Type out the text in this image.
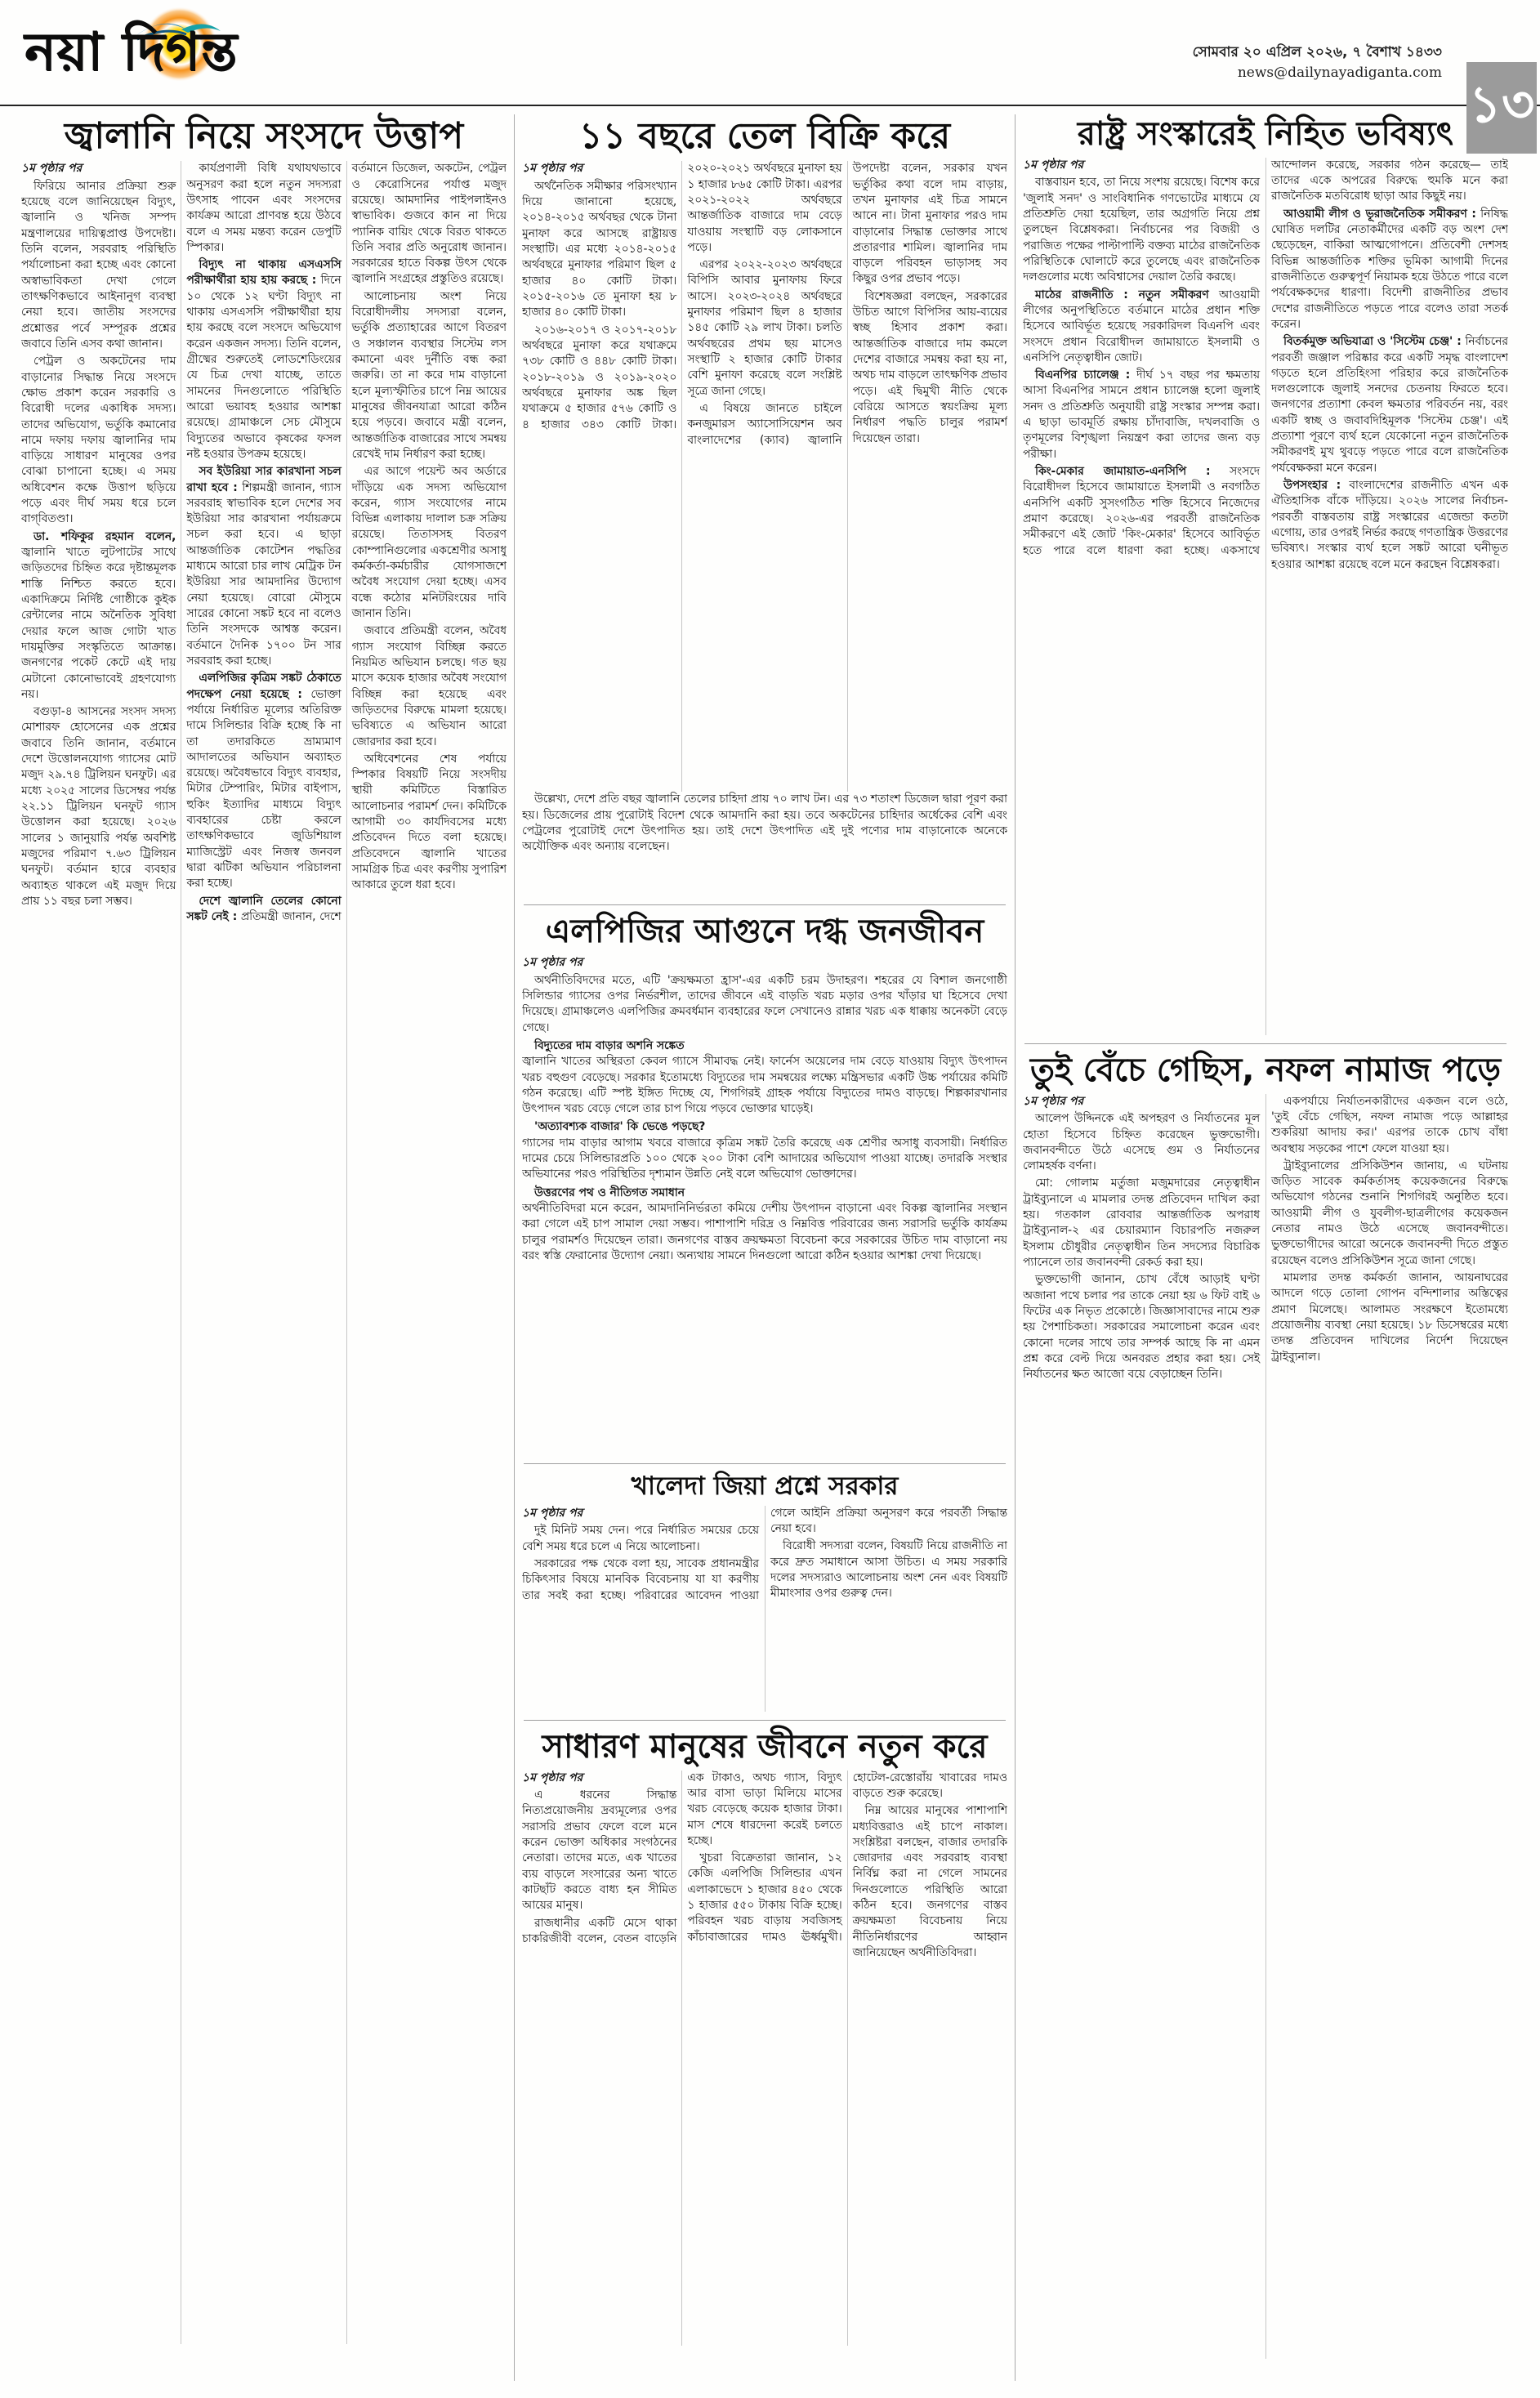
নয়া দিগন্ত	সোমবার ২০ এপ্রিল ২০২৬, ৭ বৈশাখ ১৪৩৩
news@dailynayadiganta.com
১৩
জ্বালানি নিয়ে সংসদে উত্তাপ

১ম পৃষ্ঠার পর

ফিরিয়ে আনার প্রক্রিয়া শুরু হয়েছে বলে জানিয়েছেন বিদ্যুৎ, জ্বালানি ও খনিজ সম্পদ মন্ত্রণালয়ের দায়িত্বপ্রাপ্ত উপদেষ্টা। তিনি বলেন, সরবরাহ পরিস্থিতি পর্যালোচনা করা হচ্ছে এবং কোনো অস্বাভাবিকতা দেখা গেলে তাৎক্ষণিকভাবে আইনানুগ ব্যবস্থা নেয়া হবে। জাতীয় সংসদের প্রশ্নোত্তর পর্বে সম্পূরক প্রশ্নের জবাবে তিনি এসব কথা জানান।

পেট্রল ও অকটেনের দাম বাড়ানোর সিদ্ধান্ত নিয়ে সংসদে ক্ষোভ প্রকাশ করেন সরকারি ও বিরোধী দলের একাধিক সদস্য। তাদের অভিযোগ, ভর্তুকি কমানোর নামে দফায় দফায় জ্বালানির দাম বাড়িয়ে সাধারণ মানুষের ওপর বোঝা চাপানো হচ্ছে। এ সময় অধিবেশন কক্ষে উত্তাপ ছড়িয়ে পড়ে এবং দীর্ঘ সময় ধরে চলে বাগ্‌বিতণ্ডা।

ডা. শফিকুর রহমান বলেন, জ্বালানি খাতে লুটপাটের সাথে জড়িতদের চিহ্নিত করে দৃষ্টান্তমূলক শাস্তি নিশ্চিত করতে হবে। একাদিক্রমে নির্দিষ্ট গোষ্ঠীকে কুইক রেন্টালের নামে অনৈতিক সুবিধা দেয়ার ফলে আজ গোটা খাত দায়মুক্তির সংস্কৃতিতে আক্রান্ত। জনগণের পকেট কেটে এই দায় মেটানো কোনোভাবেই গ্রহণযোগ্য নয়।

বগুড়া-৪ আসনের সংসদ সদস্য মোশারফ হোসেনের এক প্রশ্নের জবাবে তিনি জানান, বর্তমানে দেশে উত্তোলনযোগ্য গ্যাসের মোট মজুদ ২৯.৭৪ ট্রিলিয়ন ঘনফুট। এর মধ্যে ২০২৫ সালের ডিসেম্বর পর্যন্ত ২২.১১ ট্রিলিয়ন ঘনফুট গ্যাস উত্তোলন করা হয়েছে। ২০২৬ সালের ১ জানুয়ারি পর্যন্ত অবশিষ্ট মজুদের পরিমাণ ৭.৬৩ ট্রিলিয়ন ঘনফুট। বর্তমান হারে ব্যবহার অব্যাহত থাকলে এই মজুদ দিয়ে প্রায় ১১ বছর চলা সম্ভব।

কার্যপ্রণালী বিধি যথাযথভাবে অনুসরণ করা হলে নতুন সদস্যরা উৎসাহ পাবেন এবং সংসদের কার্যক্রম আরো প্রাণবন্ত হয়ে উঠবে বলে এ সময় মন্তব্য করেন ডেপুটি স্পিকার।

বিদ্যুৎ না থাকায় এসএসসি পরীক্ষার্থীরা হায় হায় করছে : দিনে ১০ থেকে ১২ ঘণ্টা বিদ্যুৎ না থাকায় এসএসসি পরীক্ষার্থীরা হায় হায় করছে বলে সংসদে অভিযোগ করেন একজন সদস্য। তিনি বলেন, গ্রীষ্মের শুরুতেই লোডশেডিংয়ের যে চিত্র দেখা যাচ্ছে, তাতে সামনের দিনগুলোতে পরিস্থিতি আরো ভয়াবহ হওয়ার আশঙ্কা রয়েছে। গ্রামাঞ্চলে সেচ মৌসুমে বিদ্যুতের অভাবে কৃষকের ফসল নষ্ট হওয়ার উপক্রম হয়েছে।

সব ইউরিয়া সার কারখানা সচল রাখা হবে : শিল্পমন্ত্রী জানান, গ্যাস সরবরাহ স্বাভাবিক হলে দেশের সব ইউরিয়া সার কারখানা পর্যায়ক্রমে সচল করা হবে। এ ছাড়া আন্তর্জাতিক কোটেশন পদ্ধতির মাধ্যমে আরো চার লাখ মেট্রিক টন ইউরিয়া সার আমদানির উদ্যোগ নেয়া হয়েছে। বোরো মৌসুমে সারের কোনো সঙ্কট হবে না বলেও তিনি সংসদকে আশ্বস্ত করেন। বর্তমানে দৈনিক ১৭০০ টন সার সরবরাহ করা হচ্ছে।

এলপিজির কৃত্রিম সঙ্কট ঠেকাতে পদক্ষেপ নেয়া হয়েছে : ভোক্তা পর্যায়ে নির্ধারিত মূল্যের অতিরিক্ত দামে সিলিন্ডার বিক্রি হচ্ছে কি না তা তদারকিতে ভ্রাম্যমাণ আদালতের অভিযান অব্যাহত রয়েছে। অবৈধভাবে বিদ্যুৎ ব্যবহার, মিটার টেম্পারিং, মিটার বাইপাস, হুকিং ইত্যাদির মাধ্যমে বিদ্যুৎ ব্যবহারের চেষ্টা করলে তাৎক্ষণিকভাবে জুডিশিয়াল ম্যাজিস্ট্রেট এবং নিজস্ব জনবল দ্বারা ঝটিকা অভিযান পরিচালনা করা হচ্ছে।

দেশে জ্বালানি তেলের কোনো সঙ্কট নেই : প্রতিমন্ত্রী জানান, দেশে বর্তমানে ডিজেল, অকটেন, পেট্রল ও কেরোসিনের পর্যাপ্ত মজুদ রয়েছে। আমদানির পাইপলাইনও স্বাভাবিক। গুজবে কান না দিয়ে প্যানিক বায়িং থেকে বিরত থাকতে তিনি সবার প্রতি অনুরোধ জানান। সরকারের হাতে বিকল্প উৎস থেকে জ্বালানি সংগ্রহের প্রস্তুতিও রয়েছে।

আলোচনায় অংশ নিয়ে বিরোধীদলীয় সদস্যরা বলেন, ভর্তুকি প্রত্যাহারের আগে বিতরণ ও সঞ্চালন ব্যবস্থার সিস্টেম লস কমানো এবং দুর্নীতি বন্ধ করা জরুরি। তা না করে দাম বাড়ানো হলে মূল্যস্ফীতির চাপে নিম্ন আয়ের মানুষের জীবনযাত্রা আরো কঠিন হয়ে পড়বে। জবাবে মন্ত্রী বলেন, আন্তর্জাতিক বাজারের সাথে সমন্বয় রেখেই দাম নির্ধারণ করা হচ্ছে।

এর আগে পয়েন্ট অব অর্ডারে দাঁড়িয়ে এক সদস্য অভিযোগ করেন, গ্যাস সংযোগের নামে বিভিন্ন এলাকায় দালাল চক্র সক্রিয় রয়েছে। তিতাসসহ বিতরণ কোম্পানিগুলোর একশ্রেণীর অসাধু কর্মকর্তা-কর্মচারীর যোগসাজশে অবৈধ সংযোগ দেয়া হচ্ছে। এসব বন্ধে কঠোর মনিটরিংয়ের দাবি জানান তিনি।

জবাবে প্রতিমন্ত্রী বলেন, অবৈধ গ্যাস সংযোগ বিচ্ছিন্ন করতে নিয়মিত অভিযান চলছে। গত ছয় মাসে কয়েক হাজার অবৈধ সংযোগ বিচ্ছিন্ন করা হয়েছে এবং জড়িতদের বিরুদ্ধে মামলা হয়েছে। ভবিষ্যতে এ অভিযান আরো জোরদার করা হবে।

অধিবেশনের শেষ পর্যায়ে স্পিকার বিষয়টি নিয়ে সংসদীয় স্থায়ী কমিটিতে বিস্তারিত আলোচনার পরামর্শ দেন। কমিটিকে আগামী ৩০ কার্যদিবসের মধ্যে প্রতিবেদন দিতে বলা হয়েছে। প্রতিবেদনে জ্বালানি খাতের সামগ্রিক চিত্র এবং করণীয় সুপারিশ আকারে তুলে ধরা হবে।

১১ বছরে তেল বিক্রি করে

১ম পৃষ্ঠার পর

অর্থনৈতিক সমীক্ষার পরিসংখ্যান দিয়ে জানানো হয়েছে, ২০১৪-২০১৫ অর্থবছর থেকে টানা মুনাফা করে আসছে রাষ্ট্রায়ত্ত সংস্থাটি। এর মধ্যে ২০১৪-২০১৫ অর্থবছরে মুনাফার পরিমাণ ছিল ৫ হাজার ৪০ কোটি টাকা। ২০১৫-২০১৬ তে মুনাফা হয় ৮ হাজার ৪০ কোটি টাকা।

২০১৬-২০১৭ ও ২০১৭-২০১৮ অর্থবছরে মুনাফা করে যথাক্রমে ৭৩৮ কোটি ও ৪৪৮ কোটি টাকা। ২০১৮-২০১৯ ও ২০১৯-২০২০ অর্থবছরে মুনাফার অঙ্ক ছিল যথাক্রমে ৫ হাজার ৫৭৬ কোটি ও ৪ হাজার ৩৪৩ কোটি টাকা। ২০২০-২০২১ অর্থবছরে মুনাফা হয় ১ হাজার ৮৬৫ কোটি টাকা। এরপর ২০২১-২০২২ অর্থবছরে আন্তর্জাতিক বাজারে দাম বেড়ে যাওয়ায় সংস্থাটি বড় লোকসানে পড়ে।

এরপর ২০২২-২০২৩ অর্থবছরে বিপিসি আবার মুনাফায় ফিরে আসে। ২০২৩-২০২৪ অর্থবছরে মুনাফার পরিমাণ ছিল ৪ হাজার ১৪৫ কোটি ২৯ লাখ টাকা। চলতি অর্থবছরের প্রথম ছয় মাসেও সংস্থাটি ২ হাজার কোটি টাকার বেশি মুনাফা করেছে বলে সংশ্লিষ্ট সূত্রে জানা গেছে।

এ বিষয়ে জানতে চাইলে কনজুমারস অ্যাসোসিয়েশন অব বাংলাদেশের (ক্যাব) জ্বালানি উপদেষ্টা বলেন, সরকার যখন ভর্তুকির কথা বলে দাম বাড়ায়, তখন মুনাফার এই চিত্র সামনে আনে না। টানা মুনাফার পরও দাম বাড়ানোর সিদ্ধান্ত ভোক্তার সাথে প্রতারণার শামিল। জ্বালানির দাম বাড়লে পরিবহন ভাড়াসহ সব কিছুর ওপর প্রভাব পড়ে।

বিশেষজ্ঞরা বলছেন, সরকারের উচিত আগে বিপিসির আয়-ব্যয়ের স্বচ্ছ হিসাব প্রকাশ করা। আন্তর্জাতিক বাজারে দাম কমলে দেশের বাজারে সমন্বয় করা হয় না, অথচ দাম বাড়লে তাৎক্ষণিক প্রভাব পড়ে। এই দ্বিমুখী নীতি থেকে বেরিয়ে আসতে স্বয়ংক্রিয় মূল্য নির্ধারণ পদ্ধতি চালুর পরামর্শ দিয়েছেন তারা।

উল্লেখ্য, দেশে প্রতি বছর জ্বালানি তেলের চাহিদা প্রায় ৭০ লাখ টন। এর ৭৩ শতাংশ ডিজেল দ্বারা পূরণ করা হয়। ডিজেলের প্রায় পুরোটাই বিদেশ থেকে আমদানি করা হয়। তবে অকটেনের চাহিদার অর্ধেকের বেশি এবং পেট্রলের পুরোটাই দেশে উৎপাদিত হয়। তাই দেশে উৎপাদিত এই দুই পণ্যের দাম বাড়ানোকে অনেকে অযৌক্তিক এবং অন্যায় বলেছেন।

এলপিজির আগুনে দগ্ধ জনজীবন

১ম পৃষ্ঠার পর

অর্থনীতিবিদদের মতে, এটি 'ক্রয়ক্ষমতা হ্রাস'-এর একটি চরম উদাহরণ। শহরের যে বিশাল জনগোষ্ঠী সিলিন্ডার গ্যাসের ওপর নির্ভরশীল, তাদের জীবনে এই বাড়তি খরচ মড়ার ওপর খাঁড়ার ঘা হিসেবে দেখা দিয়েছে। গ্রামাঞ্চলেও এলপিজির ক্রমবর্ধমান ব্যবহারের ফলে সেখানেও রান্নার খরচ এক ধাক্কায় অনেকটা বেড়ে গেছে।

বিদ্যুতের দাম বাড়ার অশনি সঙ্কেত
জ্বালানি খাতের অস্থিরতা কেবল গ্যাসে সীমাবদ্ধ নেই। ফার্নেস অয়েলের দাম বেড়ে যাওয়ায় বিদ্যুৎ উৎপাদন খরচ বহুগুণ বেড়েছে। সরকার ইতোমধ্যে বিদ্যুতের দাম সমন্বয়ের লক্ষ্যে মন্ত্রিসভার একটি উচ্চ পর্যায়ের কমিটি গঠন করেছে। এটি স্পষ্ট ইঙ্গিত দিচ্ছে যে, শিগগিরই গ্রাহক পর্যায়ে বিদ্যুতের দামও বাড়ছে। শিল্পকারখানার উৎপাদন খরচ বেড়ে গেলে তার চাপ গিয়ে পড়বে ভোক্তার ঘাড়েই।

'অত্যাবশ্যক বাজার' কি ভেঙে পড়ছে?
গ্যাসের দাম বাড়ার আগাম খবরে বাজারে কৃত্রিম সঙ্কট তৈরি করেছে এক শ্রেণীর অসাধু ব্যবসায়ী। নির্ধারিত দামের চেয়ে সিলিন্ডারপ্রতি ১০০ থেকে ২০০ টাকা বেশি আদায়ের অভিযোগ পাওয়া যাচ্ছে। তদারকি সংস্থার অভিযানের পরও পরিস্থিতির দৃশ্যমান উন্নতি নেই বলে অভিযোগ ভোক্তাদের।

উত্তরণের পথ ও নীতিগত সমাধান
অর্থনীতিবিদরা মনে করেন, আমদানিনির্ভরতা কমিয়ে দেশীয় উৎপাদন বাড়ানো এবং বিকল্প জ্বালানির সংস্থান করা গেলে এই চাপ সামাল দেয়া সম্ভব। পাশাপাশি দরিদ্র ও নিম্নবিত্ত পরিবারের জন্য সরাসরি ভর্তুকি কার্যক্রম চালুর পরামর্শও দিয়েছেন তারা। জনগণের বাস্তব ক্রয়ক্ষমতা বিবেচনা করে সরকারের উচিত দাম বাড়ানো নয় বরং স্বস্তি ফেরানোর উদ্যোগ নেয়া। অন্যথায় সামনে দিনগুলো আরো কঠিন হওয়ার আশঙ্কা দেখা দিয়েছে।

খালেদা জিয়া প্রশ্নে সরকার

১ম পৃষ্ঠার পর

দুই মিনিট সময় দেন। পরে নির্ধারিত সময়ের চেয়ে বেশি সময় ধরে চলে এ নিয়ে আলোচনা।

সরকারের পক্ষ থেকে বলা হয়, সাবেক প্রধানমন্ত্রীর চিকিৎসার বিষয়ে মানবিক বিবেচনায় যা যা করণীয় তার সবই করা হচ্ছে। পরিবারের আবেদন পাওয়া গেলে আইনি প্রক্রিয়া অনুসরণ করে পরবর্তী সিদ্ধান্ত নেয়া হবে।

বিরোধী সদস্যরা বলেন, বিষয়টি নিয়ে রাজনীতি না করে দ্রুত সমাধানে আসা উচিত। এ সময় সরকারি দলের সদস্যরাও আলোচনায় অংশ নেন এবং বিষয়টি মীমাংসার ওপর গুরুত্ব দেন।

সাধারণ মানুষের জীবনে নতুন করে

১ম পৃষ্ঠার পর

এ ধরনের সিদ্ধান্ত নিত্যপ্রয়োজনীয় দ্রব্যমূল্যের ওপর সরাসরি প্রভাব ফেলে বলে মনে করেন ভোক্তা অধিকার সংগঠনের নেতারা। তাদের মতে, এক খাতের ব্যয় বাড়লে সংসারের অন্য খাতে কাটছাঁট করতে বাধ্য হন সীমিত আয়ের মানুষ।

রাজধানীর একটি মেসে থাকা চাকরিজীবী বলেন, বেতন বাড়েনি এক টাকাও, অথচ গ্যাস, বিদ্যুৎ আর বাসা ভাড়া মিলিয়ে মাসের খরচ বেড়েছে কয়েক হাজার টাকা। মাস শেষে ধারদেনা করেই চলতে হচ্ছে।

খুচরা বিক্রেতারা জানান, ১২ কেজি এলপিজি সিলিন্ডার এখন এলাকাভেদে ১ হাজার ৪৫০ থেকে ১ হাজার ৫৫০ টাকায় বিক্রি হচ্ছে। পরিবহন খরচ বাড়ায় সবজিসহ কাঁচাবাজারের দামও ঊর্ধ্বমুখী। হোটেল-রেস্তোরাঁয় খাবারের দামও বাড়তে শুরু করেছে।

নিম্ন আয়ের মানুষের পাশাপাশি মধ্যবিত্তরাও এই চাপে নাকাল। সংশ্লিষ্টরা বলছেন, বাজার তদারকি জোরদার এবং সরবরাহ ব্যবস্থা নির্বিঘ্ন করা না গেলে সামনের দিনগুলোতে পরিস্থিতি আরো কঠিন হবে। জনগণের বাস্তব ক্রয়ক্ষমতা বিবেচনায় নিয়ে নীতিনির্ধারণের আহ্বান জানিয়েছেন অর্থনীতিবিদরা।

রাষ্ট্র সংস্কারেই নিহিত ভবিষ্যৎ

১ম পৃষ্ঠার পর

বাস্তবায়ন হবে, তা নিয়ে সংশয় রয়েছে। বিশেষ করে 'জুলাই সনদ' ও সাংবিধানিক গণভোটের মাধ্যমে যে প্রতিশ্রুতি দেয়া হয়েছিল, তার অগ্রগতি নিয়ে প্রশ্ন তুলছেন বিশ্লেষকরা। নির্বাচনের পর বিজয়ী ও পরাজিত পক্ষের পাল্টাপাল্টি বক্তব্য মাঠের রাজনৈতিক পরিস্থিতিকে ঘোলাটে করে তুলেছে এবং রাজনৈতিক দলগুলোর মধ্যে অবিশ্বাসের দেয়াল তৈরি করছে।

মাঠের রাজনীতি : নতুন সমীকরণ আওয়ামী লীগের অনুপস্থিতিতে বর্তমানে মাঠের প্রধান শক্তি হিসেবে আবির্ভূত হয়েছে সরকারিদল বিএনপি এবং সংসদে প্রধান বিরোধীদল জামায়াতে ইসলামী ও এনসিপি নেতৃত্বাধীন জোট।

বিএনপির চ্যালেঞ্জ : দীর্ঘ ১৭ বছর পর ক্ষমতায় আসা বিএনপির সামনে প্রধান চ্যালেঞ্জ হলো জুলাই সনদ ও প্রতিশ্রুতি অনুযায়ী রাষ্ট্র সংস্কার সম্পন্ন করা। এ ছাড়া ভাবমূর্তি রক্ষায় চাঁদাবাজি, দখলবাজি ও তৃণমূলের বিশৃঙ্খলা নিয়ন্ত্রণ করা তাদের জন্য বড় পরীক্ষা।

কিং-মেকার জামায়াত-এনসিপি : সংসদে বিরোধীদল হিসেবে জামায়াতে ইসলামী ও নবগঠিত এনসিপি একটি সুসংগঠিত শক্তি হিসেবে নিজেদের প্রমাণ করেছে। ২০২৬-এর পরবর্তী রাজনৈতিক সমীকরণে এই জোট 'কিং-মেকার' হিসেবে আবির্ভূত হতে পারে বলে ধারণা করা হচ্ছে। একসাথে আন্দোলন করেছে, সরকার গঠন করেছে— তাই তাদের একে অপরের বিরুদ্ধে হুমকি মনে করা রাজনৈতিক মতবিরোধ ছাড়া আর কিছুই নয়।

আওয়ামী লীগ ও ভূরাজনৈতিক সমীকরণ : নিষিদ্ধ ঘোষিত দলটির নেতাকর্মীদের একটি বড় অংশ দেশ ছেড়েছেন, বাকিরা আত্মগোপনে। প্রতিবেশী দেশসহ বিভিন্ন আন্তর্জাতিক শক্তির ভূমিকা আগামী দিনের রাজনীতিতে গুরুত্বপূর্ণ নিয়ামক হয়ে উঠতে পারে বলে পর্যবেক্ষকদের ধারণা। বিদেশী রাজনীতির প্রভাব দেশের রাজনীতিতে পড়তে পারে বলেও তারা সতর্ক করেন।

বিতর্কমুক্ত অভিযাত্রা ও 'সিস্টেম চেঞ্জ' : নির্বাচনের পরবর্তী জঞ্জাল পরিষ্কার করে একটি সমৃদ্ধ বাংলাদেশ গড়তে হলে প্রতিহিংসা পরিহার করে রাজনৈতিক দলগুলোকে জুলাই সনদের চেতনায় ফিরতে হবে। জনগণের প্রত্যাশা কেবল ক্ষমতার পরিবর্তন নয়, বরং একটি স্বচ্ছ ও জবাবদিহিমূলক 'সিস্টেম চেঞ্জ'। এই প্রত্যাশা পূরণে ব্যর্থ হলে যেকোনো নতুন রাজনৈতিক সমীকরণই মুখ থুবড়ে পড়তে পারে বলে রাজনৈতিক পর্যবেক্ষকরা মনে করেন।

উপসংহার : বাংলাদেশের রাজনীতি এখন এক ঐতিহাসিক বাঁকে দাঁড়িয়ে। ২০২৬ সালের নির্বাচন-পরবর্তী বাস্তবতায় রাষ্ট্র সংস্কারের এজেন্ডা কতটা এগোয়, তার ওপরই নির্ভর করছে গণতান্ত্রিক উত্তরণের ভবিষ্যৎ। সংস্কার ব্যর্থ হলে সঙ্কট আরো ঘনীভূত হওয়ার আশঙ্কা রয়েছে বলে মনে করছেন বিশ্লেষকরা।

তুই বেঁচে গেছিস, নফল নামাজ পড়ে

১ম পৃষ্ঠার পর

আলেপ উদ্দিনকে এই অপহরণ ও নির্যাতনের মূল হোতা হিসেবে চিহ্নিত করেছেন ভুক্তভোগী। জবানবন্দীতে উঠে এসেছে গুম ও নির্যাতনের লোমহর্ষক বর্ণনা।

মো: গোলাম মর্তুজা মজুমদারের নেতৃত্বাধীন ট্রাইব্যুনালে এ মামলার তদন্ত প্রতিবেদন দাখিল করা হয়। গতকাল রোববার আন্তর্জাতিক অপরাধ ট্রাইব্যুনাল-২ এর চেয়ারম্যান বিচারপতি নজরুল ইসলাম চৌধুরীর নেতৃত্বাধীন তিন সদস্যের বিচারিক প্যানেলে তার জবানবন্দী রেকর্ড করা হয়।

ভুক্তভোগী জানান, চোখ বেঁধে আড়াই ঘণ্টা অজানা পথে চলার পর তাকে নেয়া হয় ৬ ফিট বাই ৬ ফিটের এক নিভৃত প্রকোষ্ঠে। জিজ্ঞাসাবাদের নামে শুরু হয় পৈশাচিকতা। সরকারের সমালোচনা করেন এবং কোনো দলের সাথে তার সম্পর্ক আছে কি না এমন প্রশ্ন করে বেল্ট দিয়ে অনবরত প্রহার করা হয়। সেই নির্যাতনের ক্ষত আজো বয়ে বেড়াচ্ছেন তিনি।

একপর্যায়ে নির্যাতনকারীদের একজন বলে ওঠে, 'তুই বেঁচে গেছিস, নফল নামাজ পড়ে আল্লাহর শুকরিয়া আদায় কর।' এরপর তাকে চোখ বাঁধা অবস্থায় সড়কের পাশে ফেলে যাওয়া হয়।

ট্রাইব্যুনালের প্রসিকিউশন জানায়, এ ঘটনায় জড়িত সাবেক কর্মকর্তাসহ কয়েকজনের বিরুদ্ধে অভিযোগ গঠনের শুনানি শিগগিরই অনুষ্ঠিত হবে। আওয়ামী লীগ ও যুবলীগ-ছাত্রলীগের কয়েকজন নেতার নামও উঠে এসেছে জবানবন্দীতে। ভুক্তভোগীদের আরো অনেকে জবানবন্দী দিতে প্রস্তুত রয়েছেন বলেও প্রসিকিউশন সূত্রে জানা গেছে।

মামলার তদন্ত কর্মকর্তা জানান, আয়নাঘরের আদলে গড়ে তোলা গোপন বন্দিশালার অস্তিত্বের প্রমাণ মিলেছে। আলামত সংরক্ষণে ইতোমধ্যে প্রয়োজনীয় ব্যবস্থা নেয়া হয়েছে। ১৮ ডিসেম্বরের মধ্যে তদন্ত প্রতিবেদন দাখিলের নির্দেশ দিয়েছেন ট্রাইব্যুনাল।
